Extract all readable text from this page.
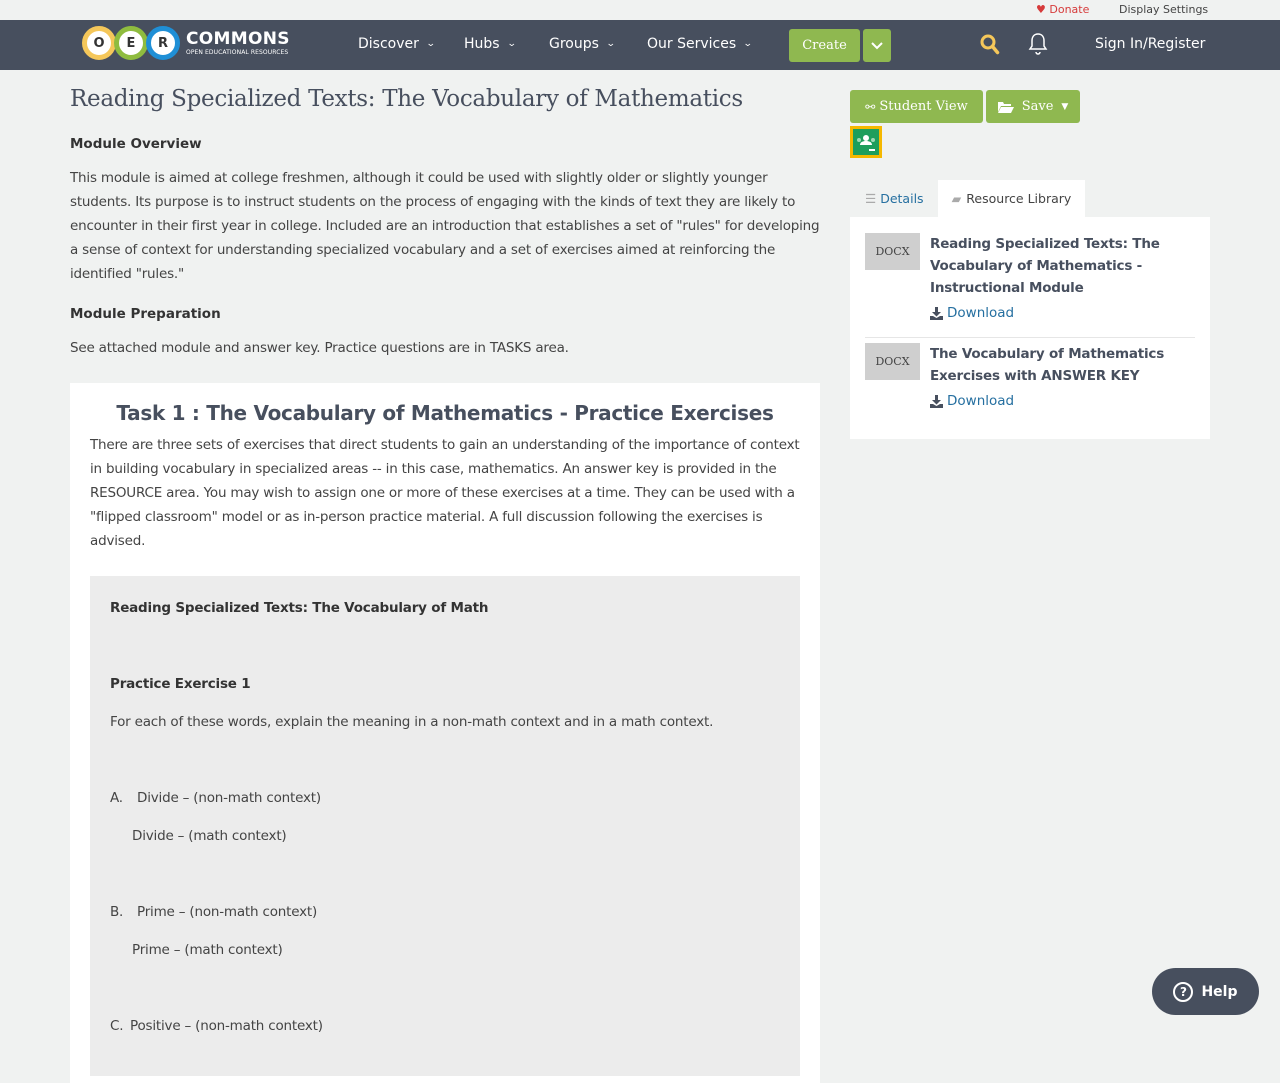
♥ Donate	Display Settings
O	E	R	COMMONS
OPEN EDUCATIONAL RESOURCES	Discover ⌄ Hubs ⌄ Groups ⌄ Our Services ⌄	Create	Sign In/Register
Reading Specialized Texts: The Vocabulary of Mathematics
Module Overview

This module is aimed at college freshmen, although it could be used with slightly older or slightly younger students. Its purpose is to instruct students on the process of engaging with the kinds of text they are likely to encounter in their first year in college. Included are an introduction that establishes a set of "rules" for developing a sense of context for understanding specialized vocabulary and a set of exercises aimed at reinforcing the identified "rules."

Module Preparation

See attached module and answer key. Practice questions are in TASKS area.

Task 1 : The Vocabulary of Mathematics - Practice Exercises

There are three sets of exercises that direct students to gain an understanding of the importance of context in building vocabulary in specialized areas -- in this case, mathematics. An answer key is provided in the RESOURCE area. You may wish to assign one or more of these exercises at a time. They can be used with a "flipped classroom" model or as in-person practice material. A full discussion following the exercises is advised.

Reading Specialized Texts: The Vocabulary of Math
Practice Exercise 1
For each of these words, explain the meaning in a non-math context and in a math context.
A. Divide – (non-math context)
Divide – (math context)
B. Prime – (non-math context)
Prime – (math context)
C. Positive – (non-math context)
⚯ Student View	Save ▼
☰ Details ▰ Resource Library
DOCX	Reading Specialized Texts: The Vocabulary of Mathematics - Instructional Module
Download
DOCX	The Vocabulary of Mathematics Exercises with ANSWER KEY
Download
?	Help
